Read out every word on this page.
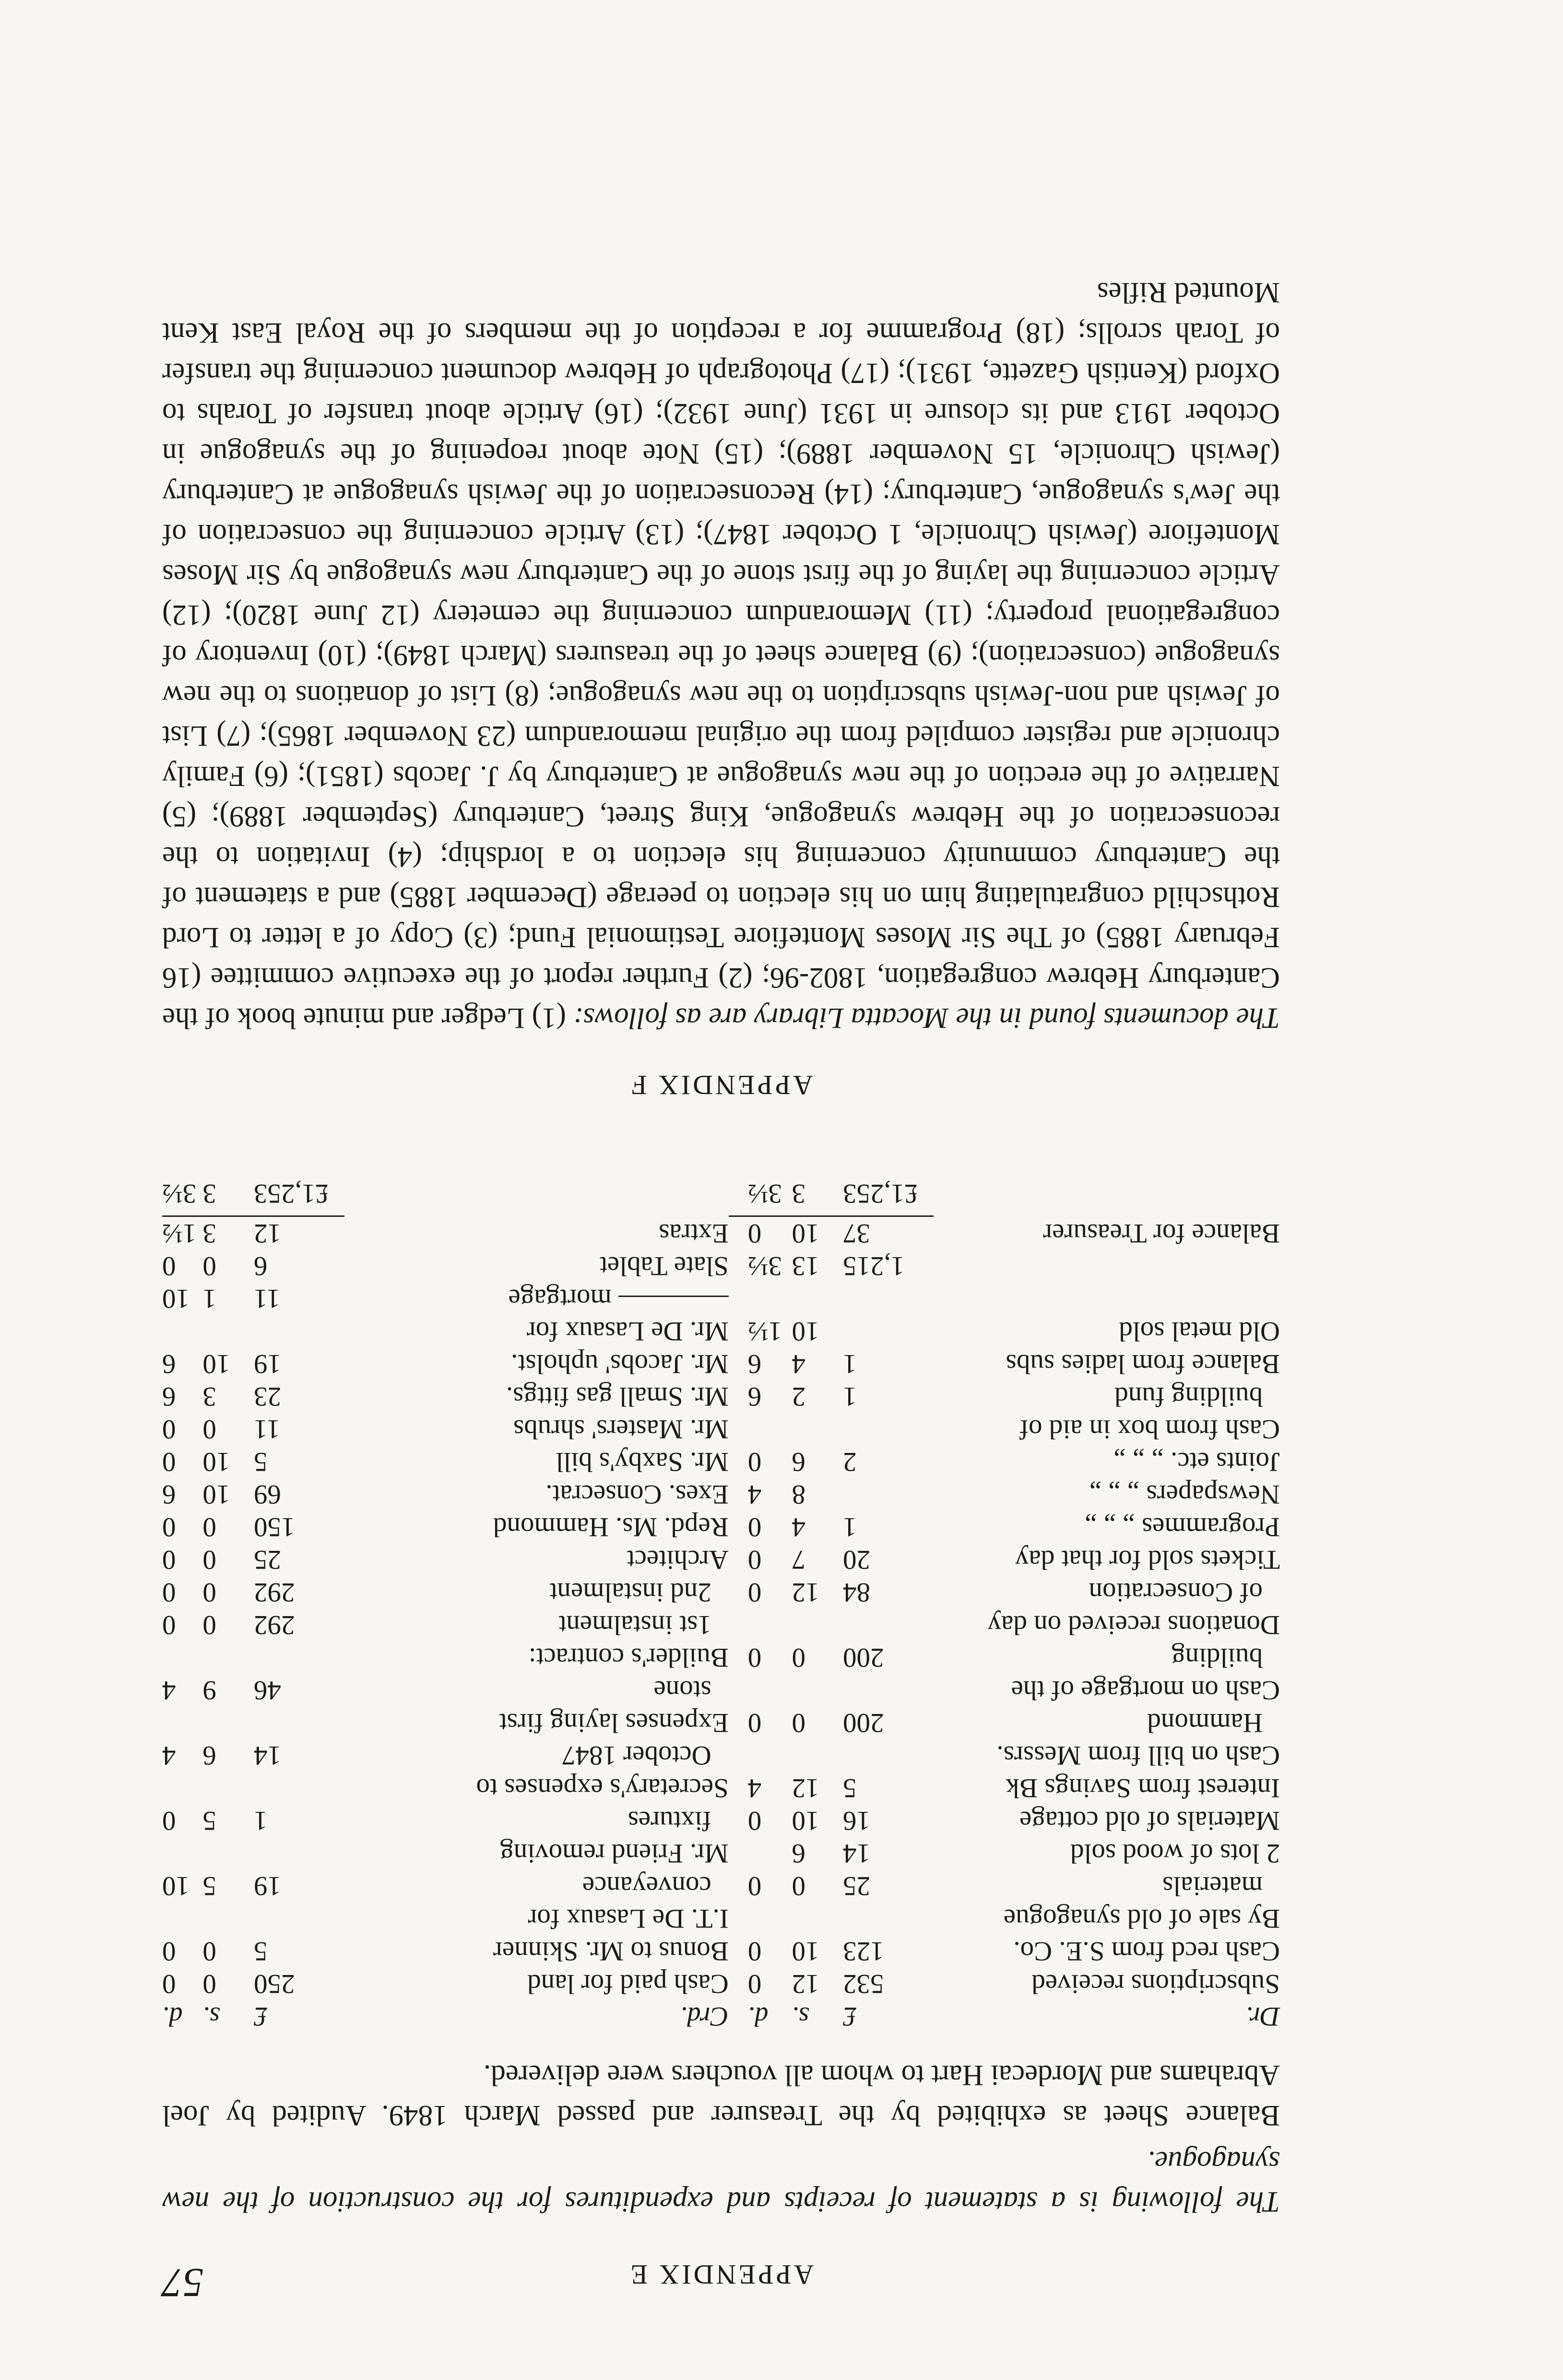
APPENDIX E
57
The following is a statement of receipts and expenditures for the construction of the new synagogue.
Balance Sheet as exhibited by the Treasurer and passed March 1849. Audited by Joel Abrahams and Mordecai Hart to whom all vouchers were delivered.
Dr.	£	s.	d.	Crd.	£	s.	d.
Subscriptions received	532	12	0	Cash paid for land	250	0	0
Cash recd from S.E. Co.	123	10	0	Bonus to Mr. Skinner	5	0	0
By sale of old synagogue				I.T. De Lasaux for			
materials	25	0	0	conveyance	19	5	10
2 lots of wood sold	14	6		Mr. Friend removing			
Materials of old cottage	16	10	0	fixtures	1	5	0
Interest from Savings Bk	5	12	4	Secretary's expenses to			
Cash on bill from Messrs.				October 1847	14	6	4
Hammond	200	0	0	Expenses laying first			
Cash on mortgage of the				stone	46	9	4
building	200	0	0	Builder's contract:			
Donations received on day				1st instalment	292	0	0
of Consecration	84	12	0	2nd instalment	292	0	0
Tickets sold for that day	20	7	0	Architect	25	0	0
Programmes „ „ „	1	4	0	Repd. Ms. Hammond	150	0	0
Newspapers „ „ „		8	4	Exes. Consecrat.	69	10	6
Joints etc. „ „ „	2	6	0	Mr. Saxby's bill	5	10	0
Cash from box in aid of				Mr. Masters' shrubs	11	0	0
building fund	1	2	6	Mr. Small gas fittgs.	23	3	6
Balance from ladies subs	1	4	6	Mr. Jacobs' upholst.	19	10	6
Old metal sold		10	1½	Mr. De Lasaux for			
				mortgage	11	1	10
	1,215	13	3½	Slate Tablet	6	0	0
Balance for Treasurer	37	10	0	Extras	12	3	1½

	£1,253	3	3½		£1,253	3	3½
APPENDIX F
The documents found in the Mocatta Library are as follows: (1) Ledger and minute book of the Canterbury Hebrew congregation, 1802-96; (2) Further report of the executive committee (16 February 1885) of The Sir Moses Montefiore Testimonial Fund; (3) Copy of a letter to Lord Rothschild congratulating him on his election to peerage (December 1885) and a statement of the Canterbury community concerning his election to a lordship; (4) Invitation to the reconsecration of the Hebrew synagogue, King Street, Canterbury (September 1889); (5) Narrative of the erection of the new synagogue at Canterbury by J. Jacobs (1851); (6) Family chronicle and register compiled from the original memorandum (23 November 1865); (7) List of Jewish and non-Jewish subscription to the new synagogue; (8) List of donations to the new synagogue (consecration); (9) Balance sheet of the treasurers (March 1849); (10) Inventory of congregational property; (11) Memorandum concerning the cemetery (12 June 1820); (12) Article concerning the laying of the first stone of the Canterbury new synagogue by Sir Moses Montefiore (Jewish Chronicle, 1 October 1847); (13) Article concerning the consecration of the Jew's synagogue, Canterbury; (14) Reconsecration of the Jewish synagogue at Canterbury (Jewish Chronicle, 15 November 1889); (15) Note about reopening of the synagogue in October 1913 and its closure in 1931 (June 1932); (16) Article about transfer of Torahs to Oxford (Kentish Gazette, 1931); (17) Photograph of Hebrew document concerning the transfer of Torah scrolls; (18) Programme for a reception of the members of the Royal East Kent Mounted Rifles
